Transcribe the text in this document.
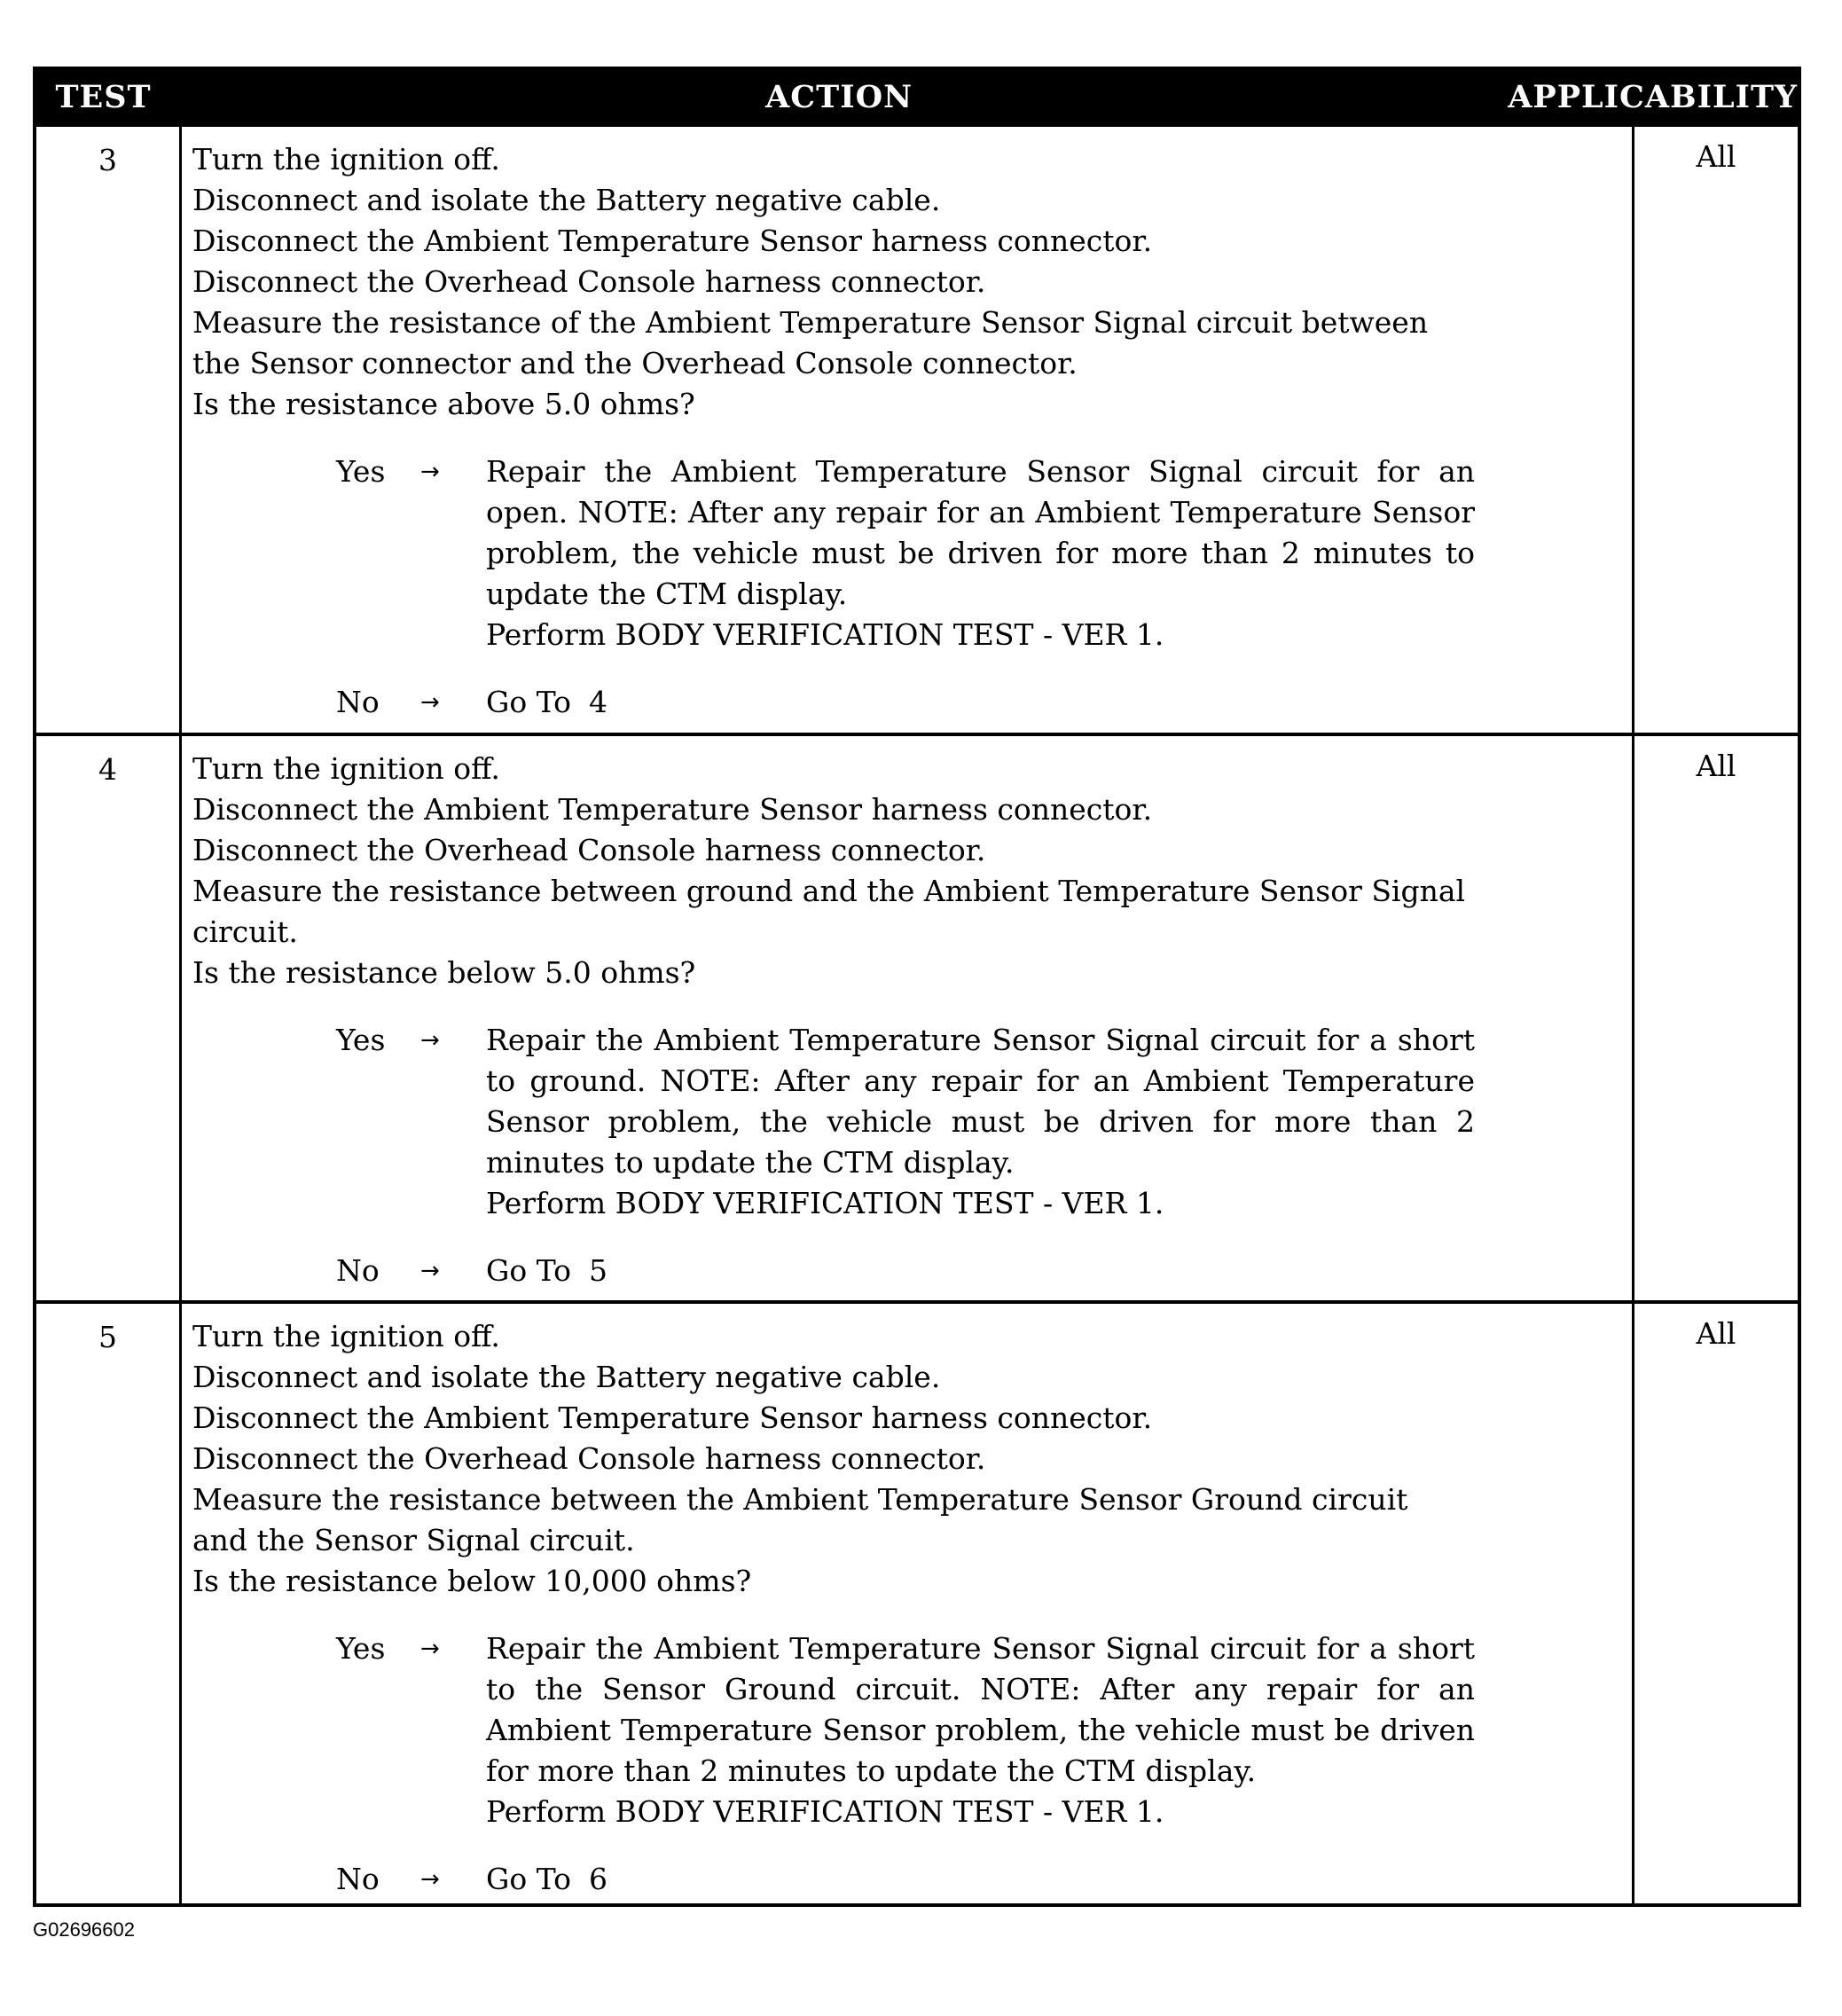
TEST	ACTION	APPLICABILITY
3	Turn the ignition off.
Disconnect and isolate the Battery negative cable.
Disconnect the Ambient Temperature Sensor harness connector.
Disconnect the Overhead Console harness connector.
Measure the resistance of the Ambient Temperature Sensor Signal circuit between
the Sensor connector and the Overhead Console connector.
Is the resistance above 5.0 ohms?
Yes	→	Repair the Ambient Temperature Sensor Signal circuit for an open. NOTE: After any repair for an Ambient Temperature Sensor problem, the vehicle must be driven for more than 2 minutes to update the CTM display.
Perform BODY VERIFICATION TEST - VER 1.
No	→	Go To 4
All
4	Turn the ignition off.
Disconnect the Ambient Temperature Sensor harness connector.
Disconnect the Overhead Console harness connector.
Measure the resistance between ground and the Ambient Temperature Sensor Signal
circuit.
Is the resistance below 5.0 ohms?
Yes	→	Repair the Ambient Temperature Sensor Signal circuit for a short to ground. NOTE: After any repair for an Ambient Temperature Sensor problem, the vehicle must be driven for more than 2 minutes to update the CTM display.
Perform BODY VERIFICATION TEST - VER 1.
No	→	Go To 5
All
5	Turn the ignition off.
Disconnect and isolate the Battery negative cable.
Disconnect the Ambient Temperature Sensor harness connector.
Disconnect the Overhead Console harness connector.
Measure the resistance between the Ambient Temperature Sensor Ground circuit
and the Sensor Signal circuit.
Is the resistance below 10,000 ohms?
Yes	→	Repair the Ambient Temperature Sensor Signal circuit for a short to the Sensor Ground circuit. NOTE: After any repair for an Ambient Temperature Sensor problem, the vehicle must be driven for more than 2 minutes to update the CTM display.
Perform BODY VERIFICATION TEST - VER 1.
No	→	Go To 6
All
G02696602
